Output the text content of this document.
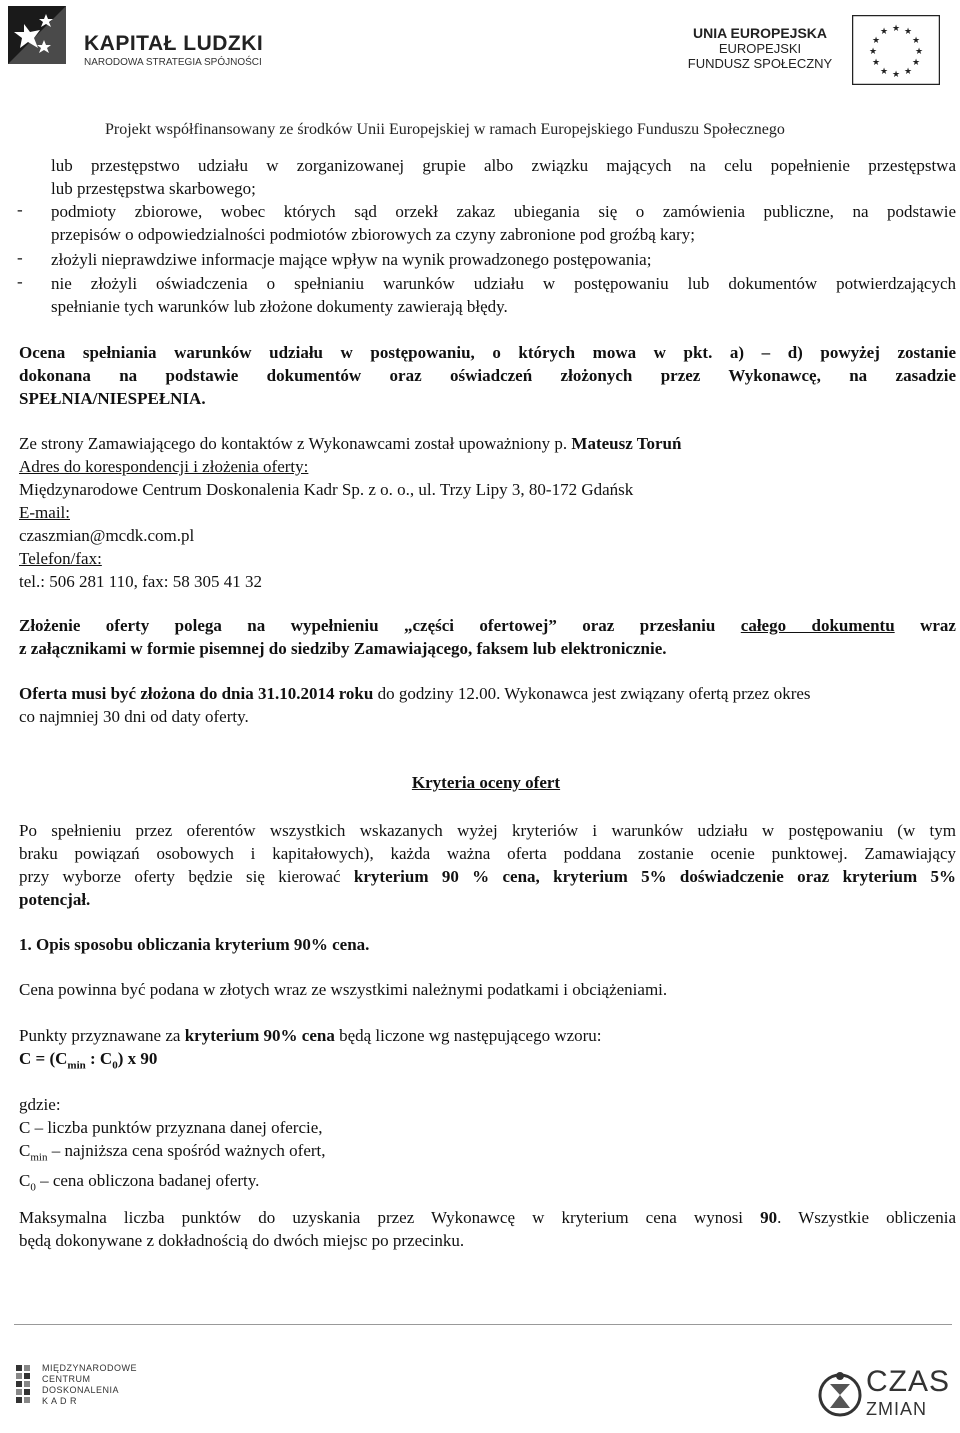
KAPITAŁ LUDZKI
NARODOWA STRATEGIA SPÓJNOŚCI
UNIA EUROPEJSKA
EUROPEJSKI
FUNDUSZ SPOŁECZNY
★ ★
★
★
★
★
★
★
★
★
★
★
Projekt współfinansowany ze środków Unii Europejskiej w ramach Europejskiego Funduszu Społecznego
lub przestępstwo udziału w zorganizowanej grupie albo związku mających na celu popełnienie przestępstwa
lub przestępstwa skarbowego;
- podmioty zbiorowe, wobec których sąd orzekł zakaz ubiegania się o zamówienia publiczne, na podstawie
przepisów o odpowiedzialności podmiotów zbiorowych za czyny zabronione pod groźbą kary;
- złożyli nieprawdziwe informacje mające wpływ na wynik prowadzonego postępowania;
- nie złożyli oświadczenia o spełnianiu warunków udziału w postępowaniu lub dokumentów potwierdzających
spełnianie tych warunków lub złożone dokumenty zawierają błędy.
Ocena spełniania warunków udziału w postępowaniu, o których mowa w pkt. a) – d) powyżej zostanie
dokonana na podstawie dokumentów oraz oświadczeń złożonych przez Wykonawcę, na zasadzie
SPEŁNIA/NIESPEŁNIA.
Ze strony Zamawiającego do kontaktów z Wykonawcami został upoważniony p. Mateusz Toruń
Adres do korespondencji i złożenia oferty:
Międzynarodowe Centrum Doskonalenia Kadr Sp. z o. o., ul. Trzy Lipy 3, 80-172 Gdańsk
E-mail:
czaszmian@mcdk.com.pl
Telefon/fax:
tel.: 506 281 110, fax: 58 305 41 32
Złożenie oferty polega na wypełnieniu „części ofertowej” oraz przesłaniu całego dokumentu wraz
z załącznikami w formie pisemnej do siedziby Zamawiającego, faksem lub elektronicznie.
Oferta musi być złożona do dnia 31.10.2014 roku do godziny 12.00. Wykonawca jest związany ofertą przez okres
co najmniej 30 dni od daty oferty.
Kryteria oceny ofert
Po spełnieniu przez oferentów wszystkich wskazanych wyżej kryteriów i warunków udziału w postępowaniu (w tym
braku powiązań osobowych i kapitałowych), każda ważna oferta poddana zostanie ocenie punktowej. Zamawiający
przy wyborze oferty będzie się kierować kryterium 90 % cena, kryterium 5% doświadczenie oraz kryterium 5%
potencjał.
1. Opis sposobu obliczania kryterium 90% cena.
Cena powinna być podana w złotych wraz ze wszystkimi należnymi podatkami i obciążeniami.
Punkty przyznawane za kryterium 90% cena będą liczone wg następującego wzoru:
$C = (C_{min}$ : $C_0$) x 90
gdzie:
C – liczba punktów przyznana danej ofercie,
$C_{min}$ – najniższa cena spośród ważnych ofert,
$C_0$ – cena obliczona badanej oferty.
Maksymalna liczba punktów do uzyskania przez Wykonawcę w kryterium cena wynosi 90. Wszystkie obliczenia
będą dokonywane z dokładnością do dwóch miejsc po przecinku.
MIĘDZYNARODOWE
CENTRUM
DOSKONALENIA
K A D R
CZAS
ZMIAN
